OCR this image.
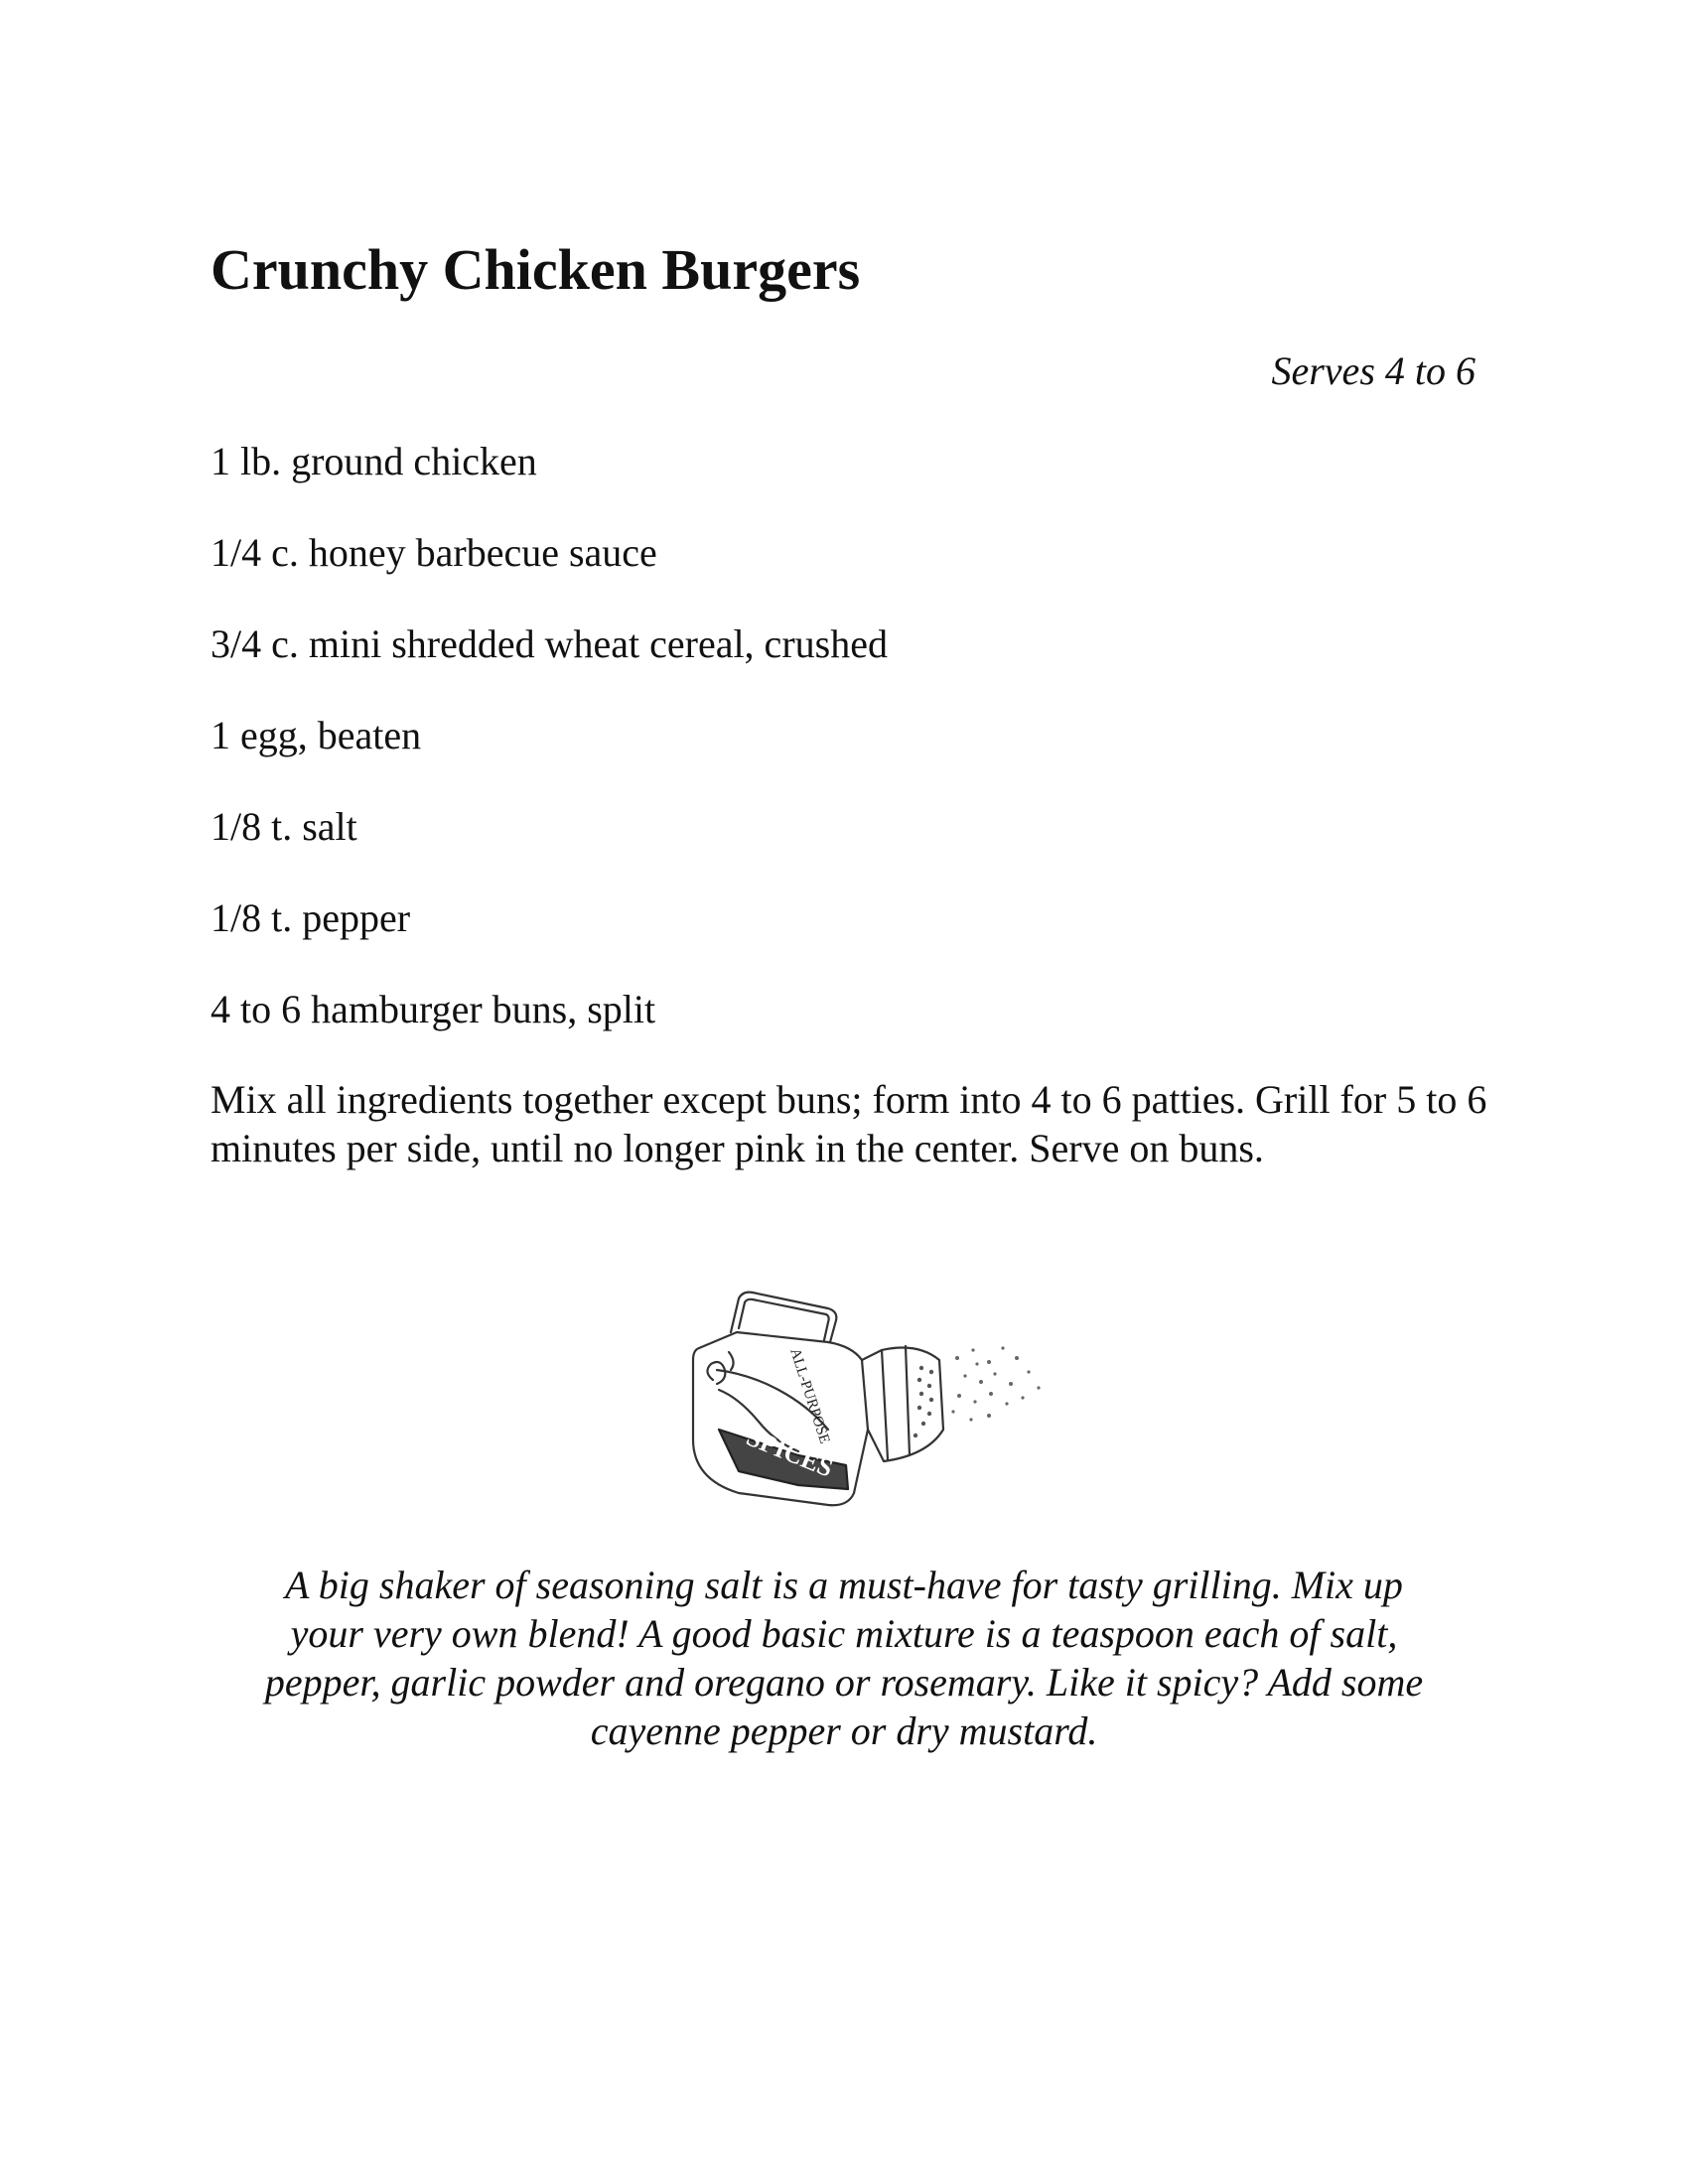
Crunchy Chicken Burgers
Serves 4 to 6
1 lb. ground chicken
1/4 c. honey barbecue sauce
3/4 c. mini shredded wheat cereal, crushed
1 egg, beaten
1/8 t. salt
1/8 t. pepper
4 to 6 hamburger buns, split

Mix all ingredients together except buns; form into 4 to 6 patties. Grill for 5 to 6 minutes per side, until no longer pink in the center. Serve on buns.

ALL-PURPOSE
SPICES

A big shaker of seasoning salt is a must-have for tasty grilling. Mix up your very own blend! A good basic mixture is a teaspoon each of salt, pepper, garlic powder and oregano or rosemary. Like it spicy? Add some cayenne pepper or dry mustard.
